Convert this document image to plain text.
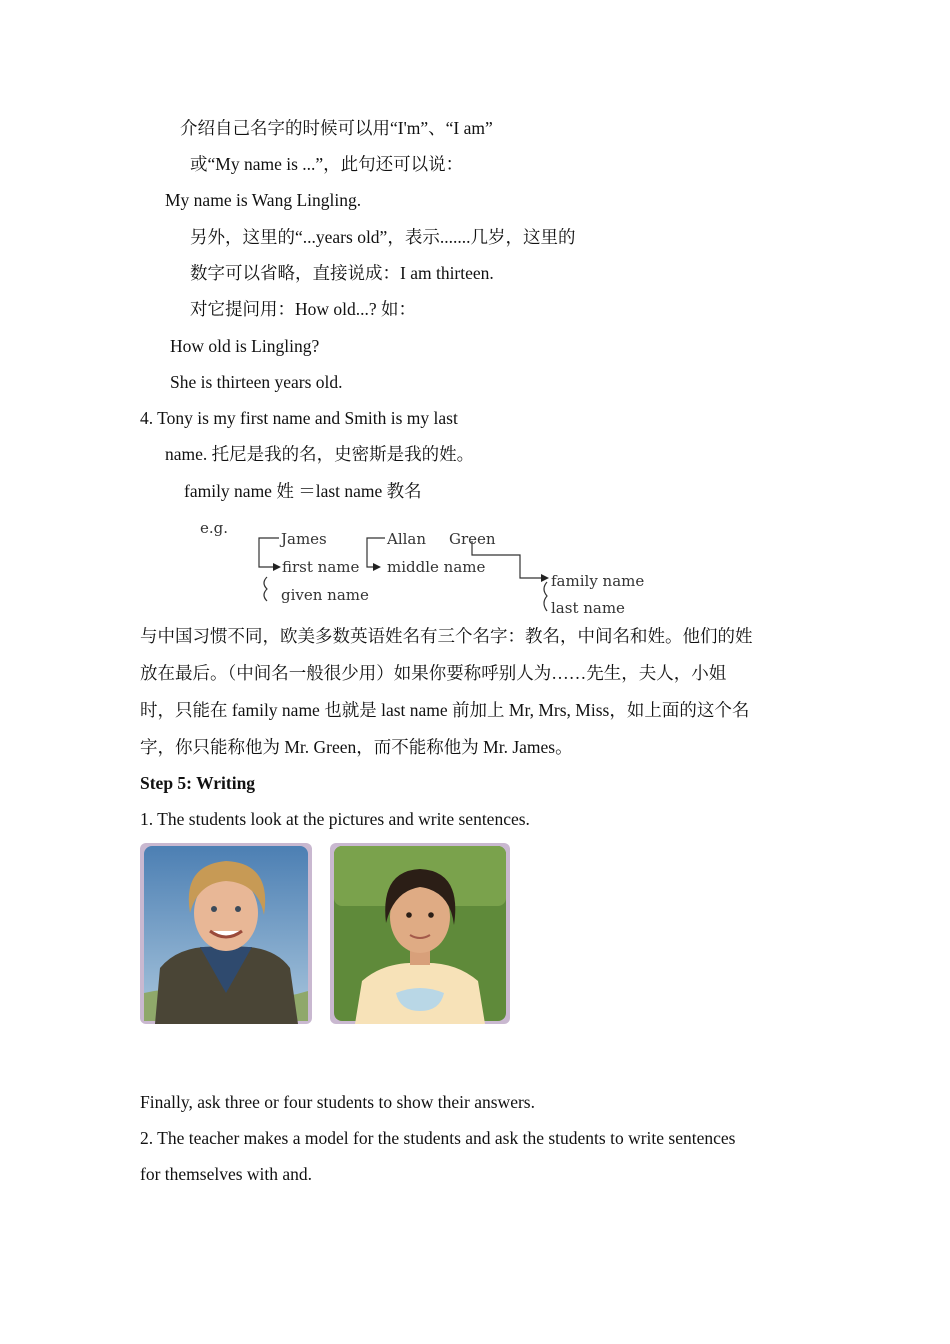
介绍自己名字的时候可以用“I'm”、“I am”
或“My name is ...”，此句还可以说：
My name is Wang Lingling.
另外，这里的“...years old”，表示.......几岁，这里的
数字可以省略，直接说成：I am thirteen.
对它提问用：How old...? 如：
How old is Lingling?
She is thirteen years old.
4. Tony is my first name and Smith is my last
name. 托尼是我的名，史密斯是我的姓。
family name 姓 ＝last name 教名
e.g.
James	Allan Green
first name
given name
middle name
family name
last name
与中国习惯不同，欧美多数英语姓名有三个名字：教名，中间名和姓。他们的姓
放在最后。（中间名一般很少用）如果你要称呼别人为……先生，夫人，小姐
时，只能在 family name 也就是 last name 前加上 Mr, Mrs, Miss，如上面的这个名
字，你只能称他为 Mr. Green，而不能称他为 Mr. James。
Step 5: Writing
1. The students look at the pictures and write sentences.
Finally, ask three or four students to show their answers.
2. The teacher makes a model for the students and ask the students to write sentences
for themselves with and.
